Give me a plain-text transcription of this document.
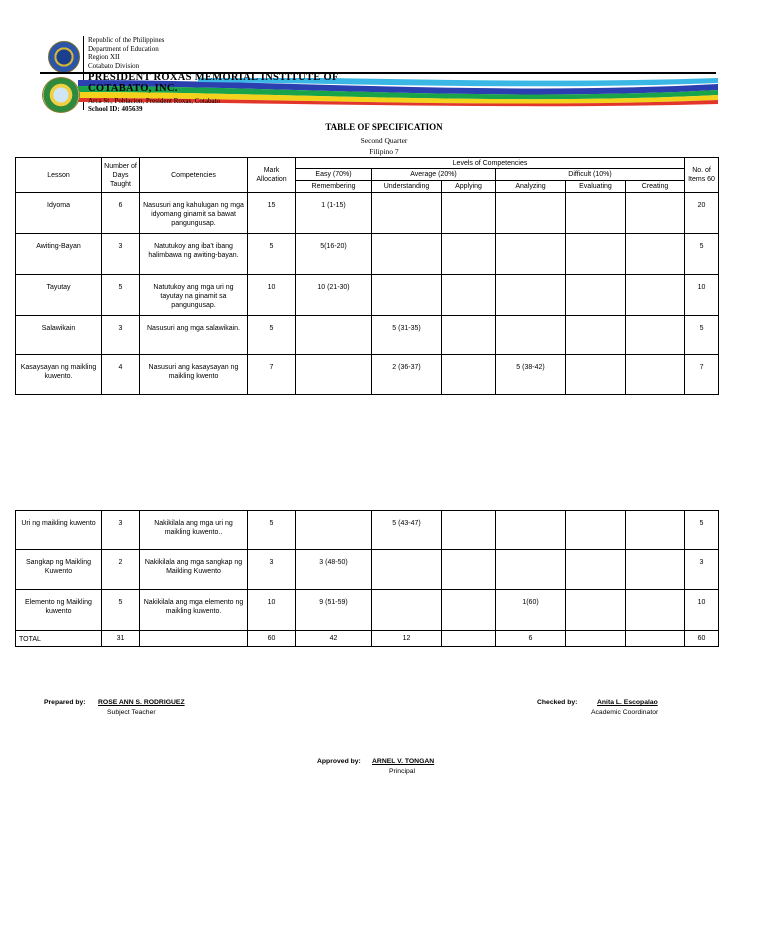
Republic of the Philippines
Department of Education
Region XII
Cotabato Division
PRESIDENT ROXAS MEMORIAL INSTITUTE OF COTABATO, INC.
Arca St., Poblacion, President Roxas, Cotabato
School ID: 405639
TABLE OF SPECIFICATION
Second Quarter
Filipino 7
Lesson	Number of Days Taught	Competencies	Mark Allocation	Levels of Competencies						No. of Items 60
				Easy (70%)	Average (20%)		Difficult (10%)			
				Remembering	Understanding	Applying	Analyzing	Evaluating	Creating	
Idyoma	6	Nasusuri ang kahulugan ng mga idyomang ginamit sa bawat pangungusap.	15	1 (1-15)						20
Awiting-Bayan	3	Natutukoy ang iba't ibang halimbawa ng awiting-bayan.	5	5(16-20)						5
Tayutay	5	Natutukoy ang mga uri ng tayutay na ginamit sa pangungusap.	10	10 (21-30)						10
Salawikain	3	Nasusuri ang mga salawikain.	5		5 (31-35)					5
Kasaysayan ng maikling kuwento.	4	Nasusuri ang kasaysayan ng maikling kwento	7		2 (36-37)		5 (38-42)			7
Uri ng maikling kuwento	3	Nakikilala ang mga uri ng maikling kuwento..	5		5 (43-47)					5
Sangkap ng Maikling Kuwento	2	Nakikilala ang mga sangkap ng Maikling Kuwento	3	3 (48-50)						3
Elemento ng Maikling kuwento	5	Nakikilala ang mga elemento ng maikling kuwento.	10	9 (51-59)			1(60)			10
TOTAL	31		60	42	12		6			60
Prepared by: ROSE ANN S. RODRIGUEZ
Subject Teacher
Checked by:	Anita L. Escopalao
Academic Coordinator
Approved by: ARNEL V. TONGAN
Principal
